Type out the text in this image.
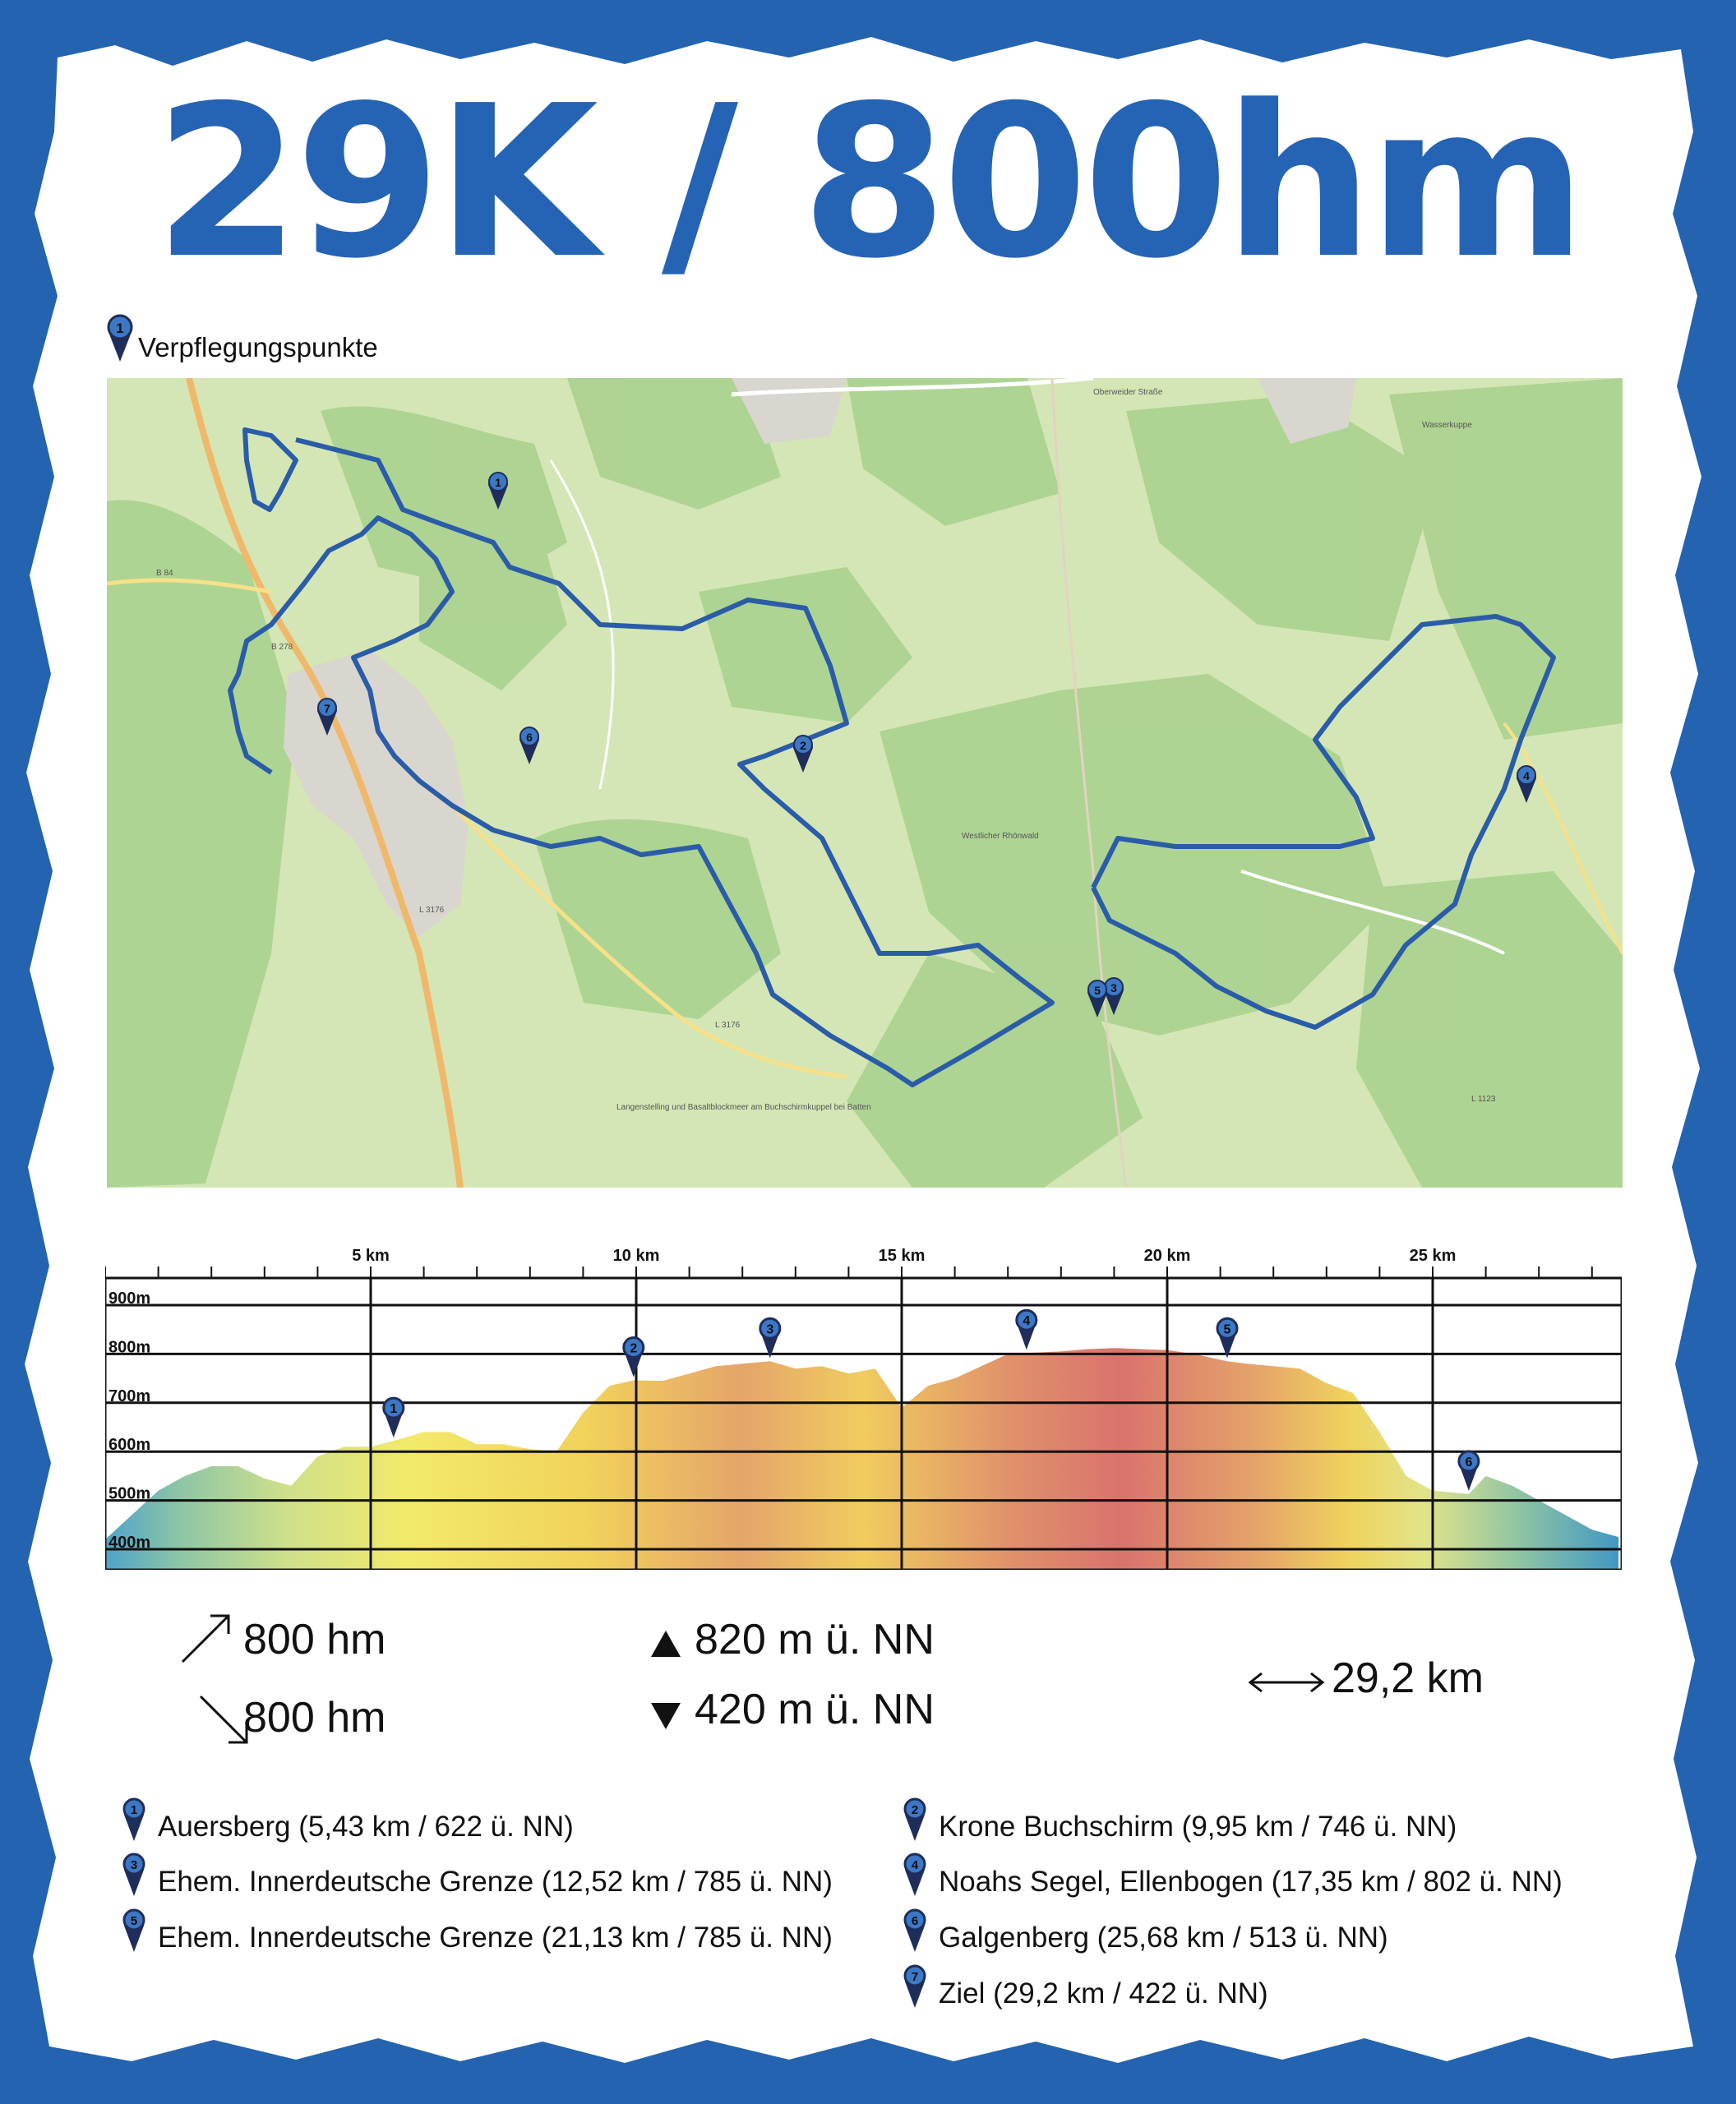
29K / 800hm
1
Verpflegungspunkte
1
2
3
4
5
6
7
B 278
L 3176
L 3176
Wasserkuppe
Westlicher Rhönwald
Langenstelling und Basaltblockmeer am Buchschirmkuppel bei Batten
L 1123
B 84
Oberweider Straße
900m
800m
700m
600m
500m
400m
5 km	10 km	15 km	20 km	25 km
1
2
3
4
5
6
800 hm
800 hm
820 m ü. NN
420 m ü. NN
29,2 km
1
Auersberg (5,43 km / 622 ü. NN)
2
Krone Buchschirm (9,95 km / 746 ü. NN)
3
Ehem. Innerdeutsche Grenze (12,52 km / 785 ü. NN)
4
Noahs Segel, Ellenbogen (17,35 km / 802 ü. NN)
5
Ehem. Innerdeutsche Grenze (21,13 km / 785 ü. NN)
6
Galgenberg (25,68 km / 513 ü. NN)
7
Ziel (29,2 km / 422 ü. NN)
